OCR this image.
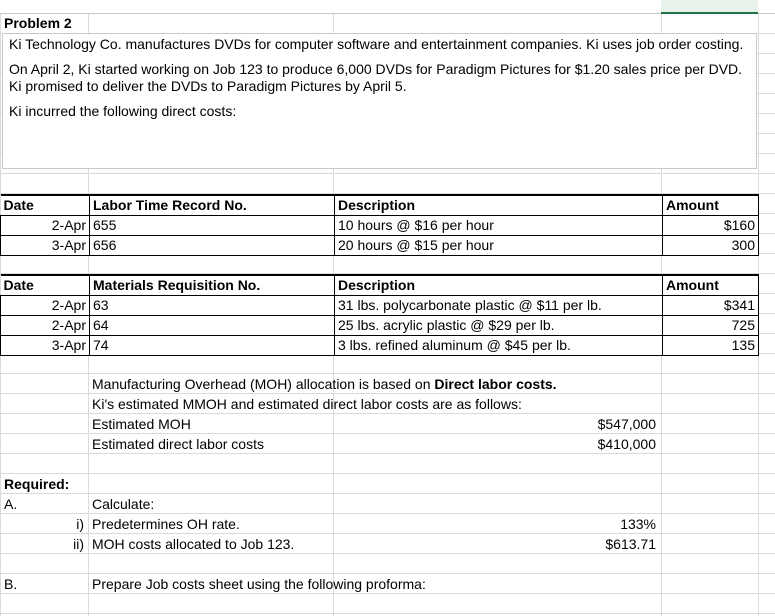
Problem 2

Ki Technology Co. manufactures DVDs for computer software and entertainment companies. Ki uses job order costing.

On April 2, Ki started working on Job 123 to produce 6,000 DVDs for Paradigm Pictures for $1.20 sales price per DVD. Ki promised to deliver the DVDs to Paradigm Pictures by April 5.

Ki incurred the following direct costs:

Date	Labor Time Record No.	Description	Amount
2-Apr	655	10 hours @ $16 per hour	$160
3-Apr	656	20 hours @ $15 per hour	300
Date	Materials Requisition No.	Description	Amount
2-Apr	63	31 lbs. polycarbonate plastic @ $11 per lb.	$341
2-Apr	64	25 lbs. acrylic plastic @ $29 per lb.	725
3-Apr	74	3 lbs. refined aluminum @ $45 per lb.	135
Manufacturing Overhead (MOH) allocation is based on Direct labor costs.
Ki's estimated MMOH and estimated direct labor costs are as follows:
Estimated MOH	$547,000
Estimated direct labor costs	$410,000
Required:
A.	Calculate:
i) Predetermines OH rate.	133%
ii) MOH costs allocated to Job 123.	$613.71
B.	Prepare Job costs sheet using the following proforma:
